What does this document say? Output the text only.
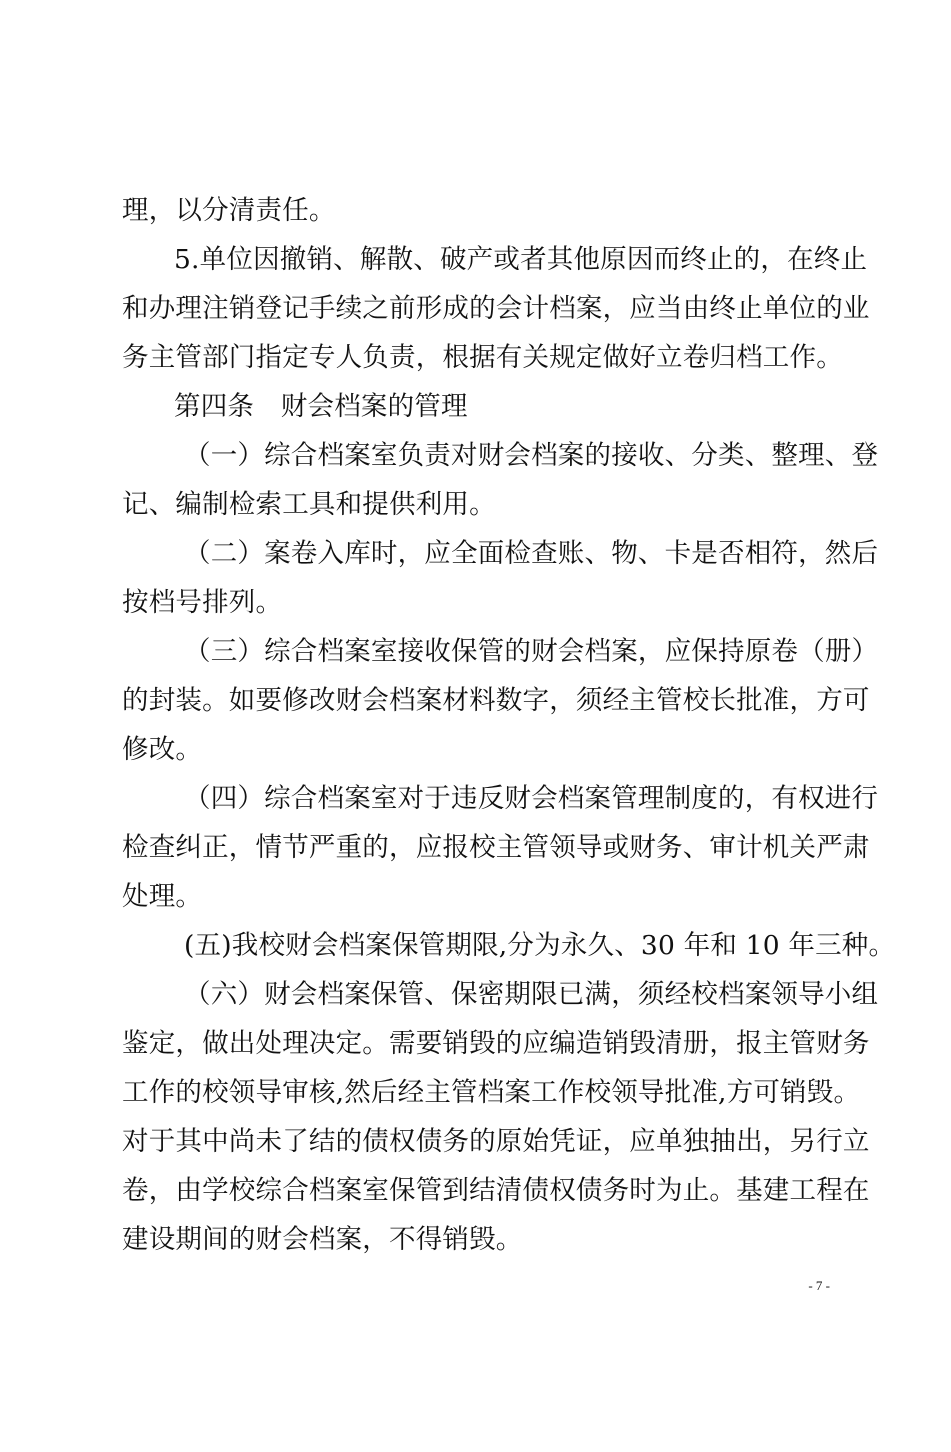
理，以分清责任。
5.单位因撤销、解散、破产或者其他原因而终止的，在终止
和办理注销登记手续之前形成的会计档案，应当由终止单位的业
务主管部门指定专人负责，根据有关规定做好立卷归档工作。
第四条　财会档案的管理
（一）综合档案室负责对财会档案的接收、分类、整理、登
记、编制检索工具和提供利用。
（二）案卷入库时，应全面检查账、物、卡是否相符，然后
按档号排列。
（三）综合档案室接收保管的财会档案，应保持原卷（册）
的封装。如要修改财会档案材料数字，须经主管校长批准，方可
修改。
（四）综合档案室对于违反财会档案管理制度的，有权进行
检查纠正，情节严重的，应报校主管领导或财务、审计机关严肃
处理。
(五)我校财会档案保管期限,分为永久、30 年和 10 年三种。
（六）财会档案保管、保密期限已满，须经校档案领导小组
鉴定，做出处理决定。需要销毁的应编造销毁清册，报主管财务
工作的校领导审核,然后经主管档案工作校领导批准,方可销毁。
对于其中尚未了结的债权债务的原始凭证，应单独抽出，另行立
卷，由学校综合档案室保管到结清债权债务时为止。基建工程在
建设期间的财会档案，不得销毁。
- 7 -
